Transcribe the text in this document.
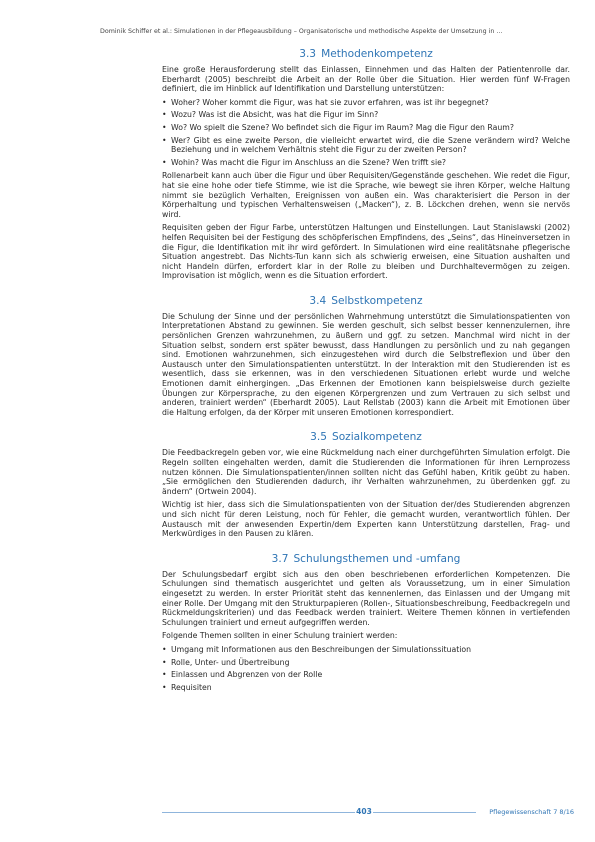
Dominik Schiffer et al.: Simulationen in der Pflegeausbildung – Organisatorische und methodische Aspekte der Umsetzung in ...
3.3 Methodenkompetenz

Eine große Herausforderung stellt das Einlassen, Einnehmen und das Halten der Patientenrolle dar. Eberhardt (2005) beschreibt die Arbeit an der Rolle über die Situation. Hier werden fünf W-Fragen definiert, die im Hinblick auf Identifikation und Darstellung unterstützen:

• Woher? Woher kommt die Figur, was hat sie zuvor erfahren, was ist ihr begegnet?
• Wozu? Was ist die Absicht, was hat die Figur im Sinn?
• Wo? Wo spielt die Szene? Wo befindet sich die Figur im Raum? Mag die Figur den Raum?
• Wer? Gibt es eine zweite Person, die vielleicht erwartet wird, die die Szene verändern wird? Welche Beziehung und in welchem Verhältnis steht die Figur zu der zweiten Person?
• Wohin? Was macht die Figur im Anschluss an die Szene? Wen trifft sie?

Rollenarbeit kann auch über die Figur und über Requisiten/Gegenstände geschehen. Wie redet die Figur, hat sie eine hohe oder tiefe Stimme, wie ist die Sprache, wie bewegt sie ihren Körper, welche Haltung nimmt sie bezüglich Verhalten, Ereignissen von außen ein. Was charakterisiert die Person in der Körperhaltung und typischen Verhaltensweisen („Macken“), z. B. Löckchen drehen, wenn sie nervös wird.

Requisiten geben der Figur Farbe, unterstützen Haltungen und Einstellungen. Laut Stanislawski (2002) helfen Requisiten bei der Festigung des schöpferischen Empfindens, des „Seins“, das Hineinversetzen in die Figur, die Identifikation mit ihr wird gefördert. In Simulationen wird eine realitätsnahe pflegerische Situation angestrebt. Das Nichts-Tun kann sich als schwierig erweisen, eine Situation aushalten und nicht Handeln dürfen, erfordert klar in der Rolle zu bleiben und Durchhaltevermögen zu zeigen. Improvisation ist möglich, wenn es die Situation erfordert.

3.4 Selbstkompetenz

Die Schulung der Sinne und der persönlichen Wahrnehmung unterstützt die Simulationspatienten von Interpretationen Abstand zu gewinnen. Sie werden geschult, sich selbst besser kennenzulernen, ihre persönlichen Grenzen wahrzunehmen, zu äußern und ggf. zu setzen. Manchmal wird nicht in der Situation selbst, sondern erst später bewusst, dass Handlungen zu persönlich und zu nah gegangen sind. Emotionen wahrzunehmen, sich einzugestehen wird durch die Selbstreflexion und über den Austausch unter den Simulationspatienten unterstützt. In der Interaktion mit den Studierenden ist es wesentlich, dass sie erkennen, was in den verschiedenen Situationen erlebt wurde und welche Emotionen damit einhergingen. „Das Erkennen der Emotionen kann beispielsweise durch gezielte Übungen zur Körpersprache, zu den eigenen Körpergrenzen und zum Vertrauen zu sich selbst und anderen, trainiert werden“ (Eberhardt 2005). Laut Rellstab (2003) kann die Arbeit mit Emotionen über die Haltung erfolgen, da der Körper mit unseren Emotionen korrespondiert.

3.5 Sozialkompetenz

Die Feedbackregeln geben vor, wie eine Rückmeldung nach einer durchgeführten Simulation erfolgt. Die Regeln sollten eingehalten werden, damit die Studierenden die Informationen für ihren Lernprozess nutzen können. Die Simulationspatienten/innen sollten nicht das Gefühl haben, Kritik geübt zu haben. „Sie ermöglichen den Studierenden dadurch, ihr Verhalten wahrzunehmen, zu überdenken ggf. zu ändern“ (Ortwein 2004).

Wichtig ist hier, dass sich die Simulationspatienten von der Situation der/des Studierenden abgrenzen und sich nicht für deren Leistung, noch für Fehler, die gemacht wurden, verantwortlich fühlen. Der Austausch mit der anwesenden Expertin/dem Experten kann Unterstützung darstellen, Frag- und Merkwürdiges in den Pausen zu klären.

3.7 Schulungsthemen und -umfang

Der Schulungsbedarf ergibt sich aus den oben beschriebenen erforderlichen Kompetenzen. Die Schulungen sind thematisch ausgerichtet und gelten als Voraussetzung, um in einer Simulation eingesetzt zu werden. In erster Priorität steht das kennenlernen, das Einlassen und der Umgang mit einer Rolle. Der Umgang mit den Strukturpapieren (Rollen-, Situationsbeschreibung, Feedbackregeln und Rückmeldungskriterien) und das Feedback werden trainiert. Weitere Themen können in vertiefenden Schulungen trainiert und erneut aufgegriffen werden.

Folgende Themen sollten in einer Schulung trainiert werden:

• Umgang mit Informationen aus den Beschreibungen der Simulationssituation
• Rolle, Unter- und Übertreibung
• Einlassen und Abgrenzen von der Rolle
• Requisiten
403	Pflegewissenschaft 7 8/16
